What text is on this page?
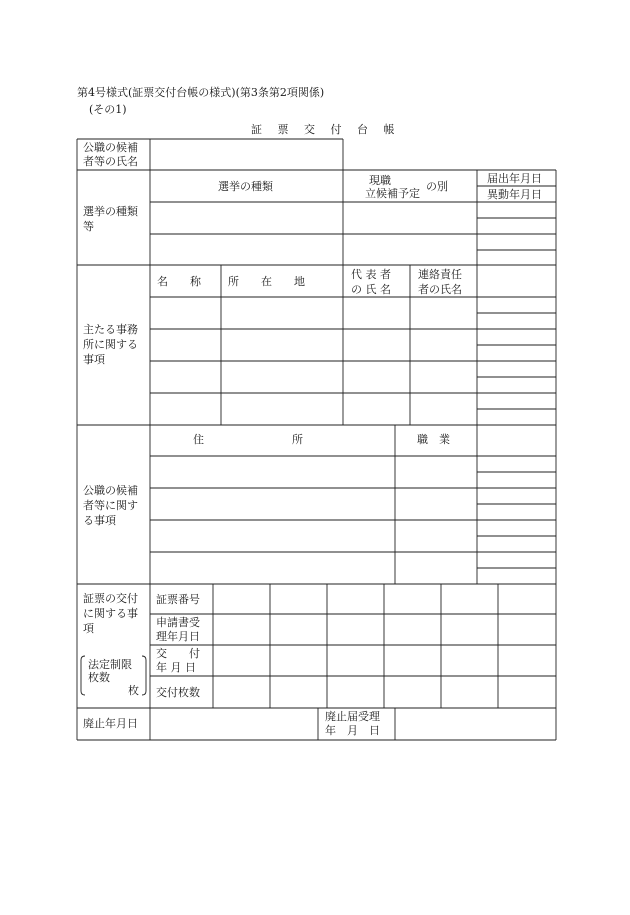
第4号様式(証票交付台帳の様式)(第3条第2項関係)
(その1)
証 票 交 付 台 帳
公職の候補
者等の氏名
選挙の種類
等
選挙の種類	現職
立候補予定
の別
届出年月日
異動年月日
主たる事務
所に関する
事項
名　　称 所　　在　　地
代 表 者
の 氏 名
連絡責任
者の氏名
公職の候補
者等に関す
る事項
住　　　　　　　　所	職　業
証票の交付
に関する事
項
法定制限
枚数
枚
証票番号
申請書受
理年月日
交　　付
年 月 日
交付枚数
廃止年月日
廃止届受理
年　月　日
